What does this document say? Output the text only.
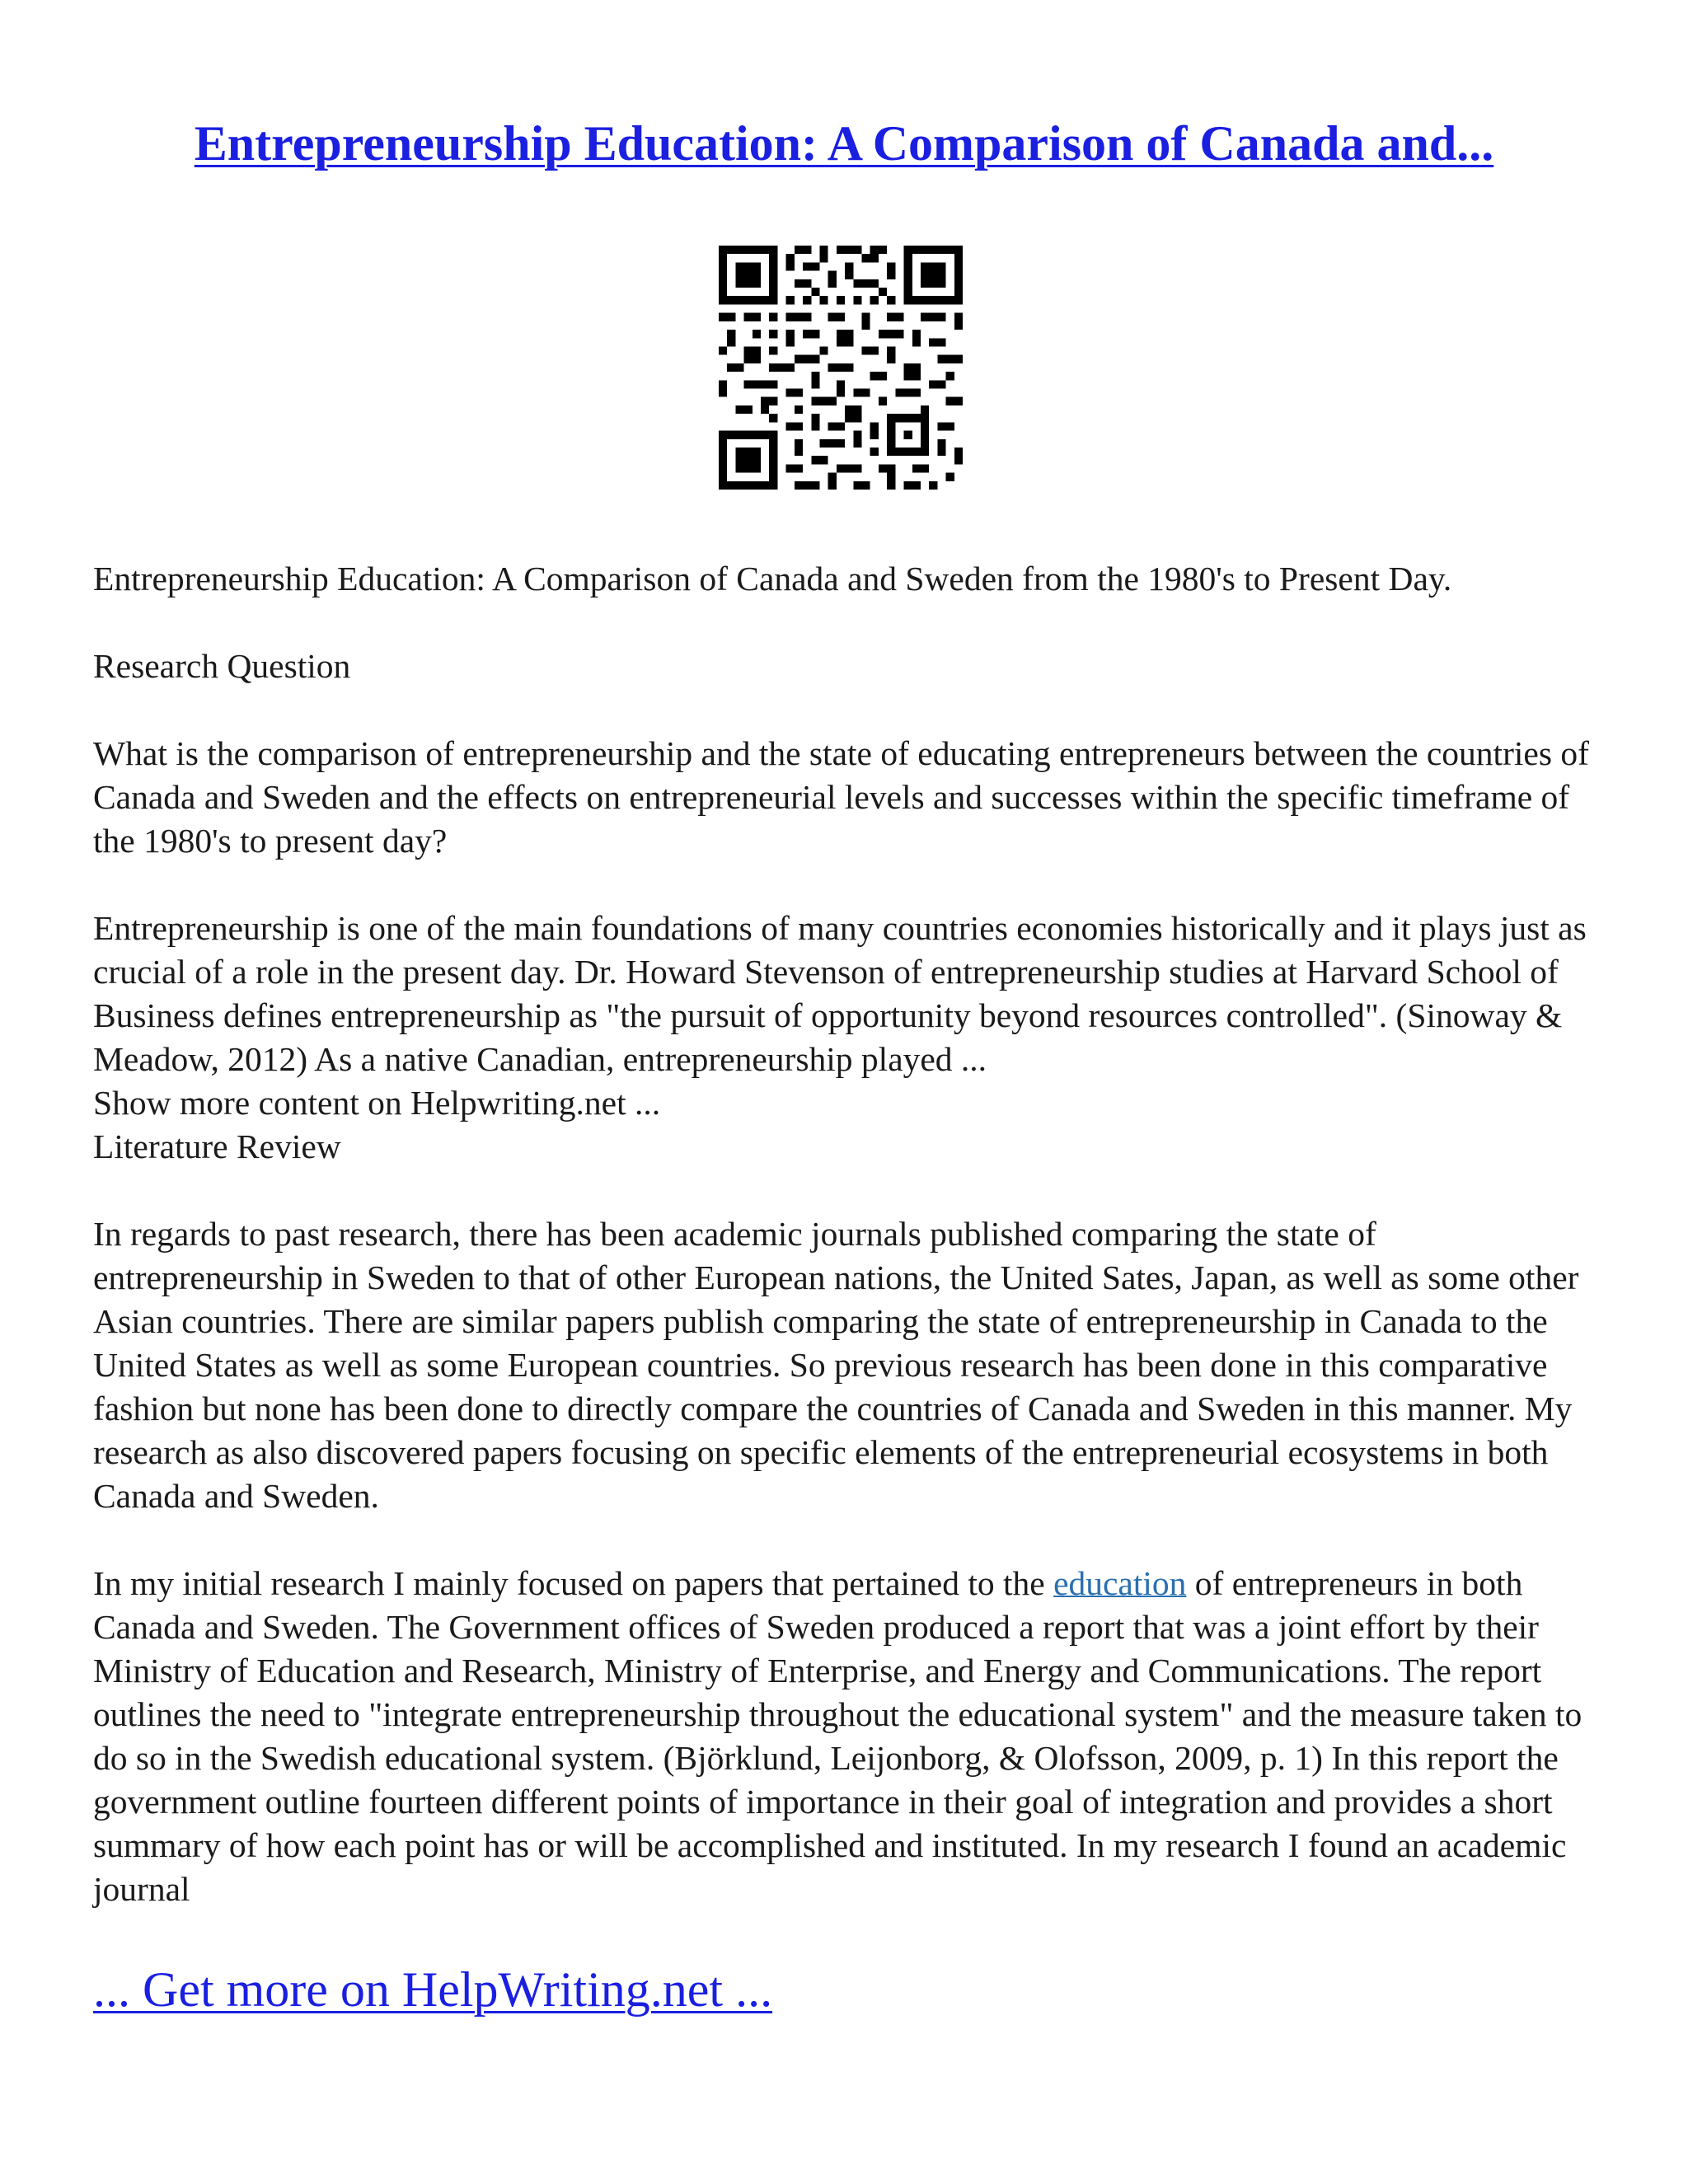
Entrepreneurship Education: A Comparison of Canada and...

Entrepreneurship Education: A Comparison of Canada and Sweden from the 1980's to Present Day.

Research Question

What is the comparison of entrepreneurship and the state of educating entrepreneurs between the countries of Canada and Sweden and the effects on entrepreneurial levels and successes within the specific timeframe of the 1980's to present day?

Entrepreneurship is one of the main foundations of many countries economies historically and it plays just as crucial of a role in the present day. Dr. Howard Stevenson of entrepreneurship studies at Harvard School of Business defines entrepreneurship as "the pursuit of opportunity beyond resources controlled". (Sinoway & Meadow, 2012) As a native Canadian, entrepreneurship played ...

Show more content on Helpwriting.net ...

Literature Review

In regards to past research, there has been academic journals published comparing the state of entrepreneurship in Sweden to that of other European nations, the United Sates, Japan, as well as some other Asian countries. There are similar papers publish comparing the state of entrepreneurship in Canada to the United States as well as some European countries. So previous research has been done in this comparative fashion but none has been done to directly compare the countries of Canada and Sweden in this manner. My research as also discovered papers focusing on specific elements of the entrepreneurial ecosystems in both Canada and Sweden.

In my initial research I mainly focused on papers that pertained to the education of entrepreneurs in both Canada and Sweden. The Government offices of Sweden produced a report that was a joint effort by their Ministry of Education and Research, Ministry of Enterprise, and Energy and Communications. The report outlines the need to "integrate entrepreneurship throughout the educational system" and the measure taken to do so in the Swedish educational system. (Björklund, Leijonborg, & Olofsson, 2009, p. 1) In this report the government outline fourteen different points of importance in their goal of integration and provides a short summary of how each point has or will be accomplished and instituted. In my research I found an academic journal

... Get more on HelpWriting.net ...
